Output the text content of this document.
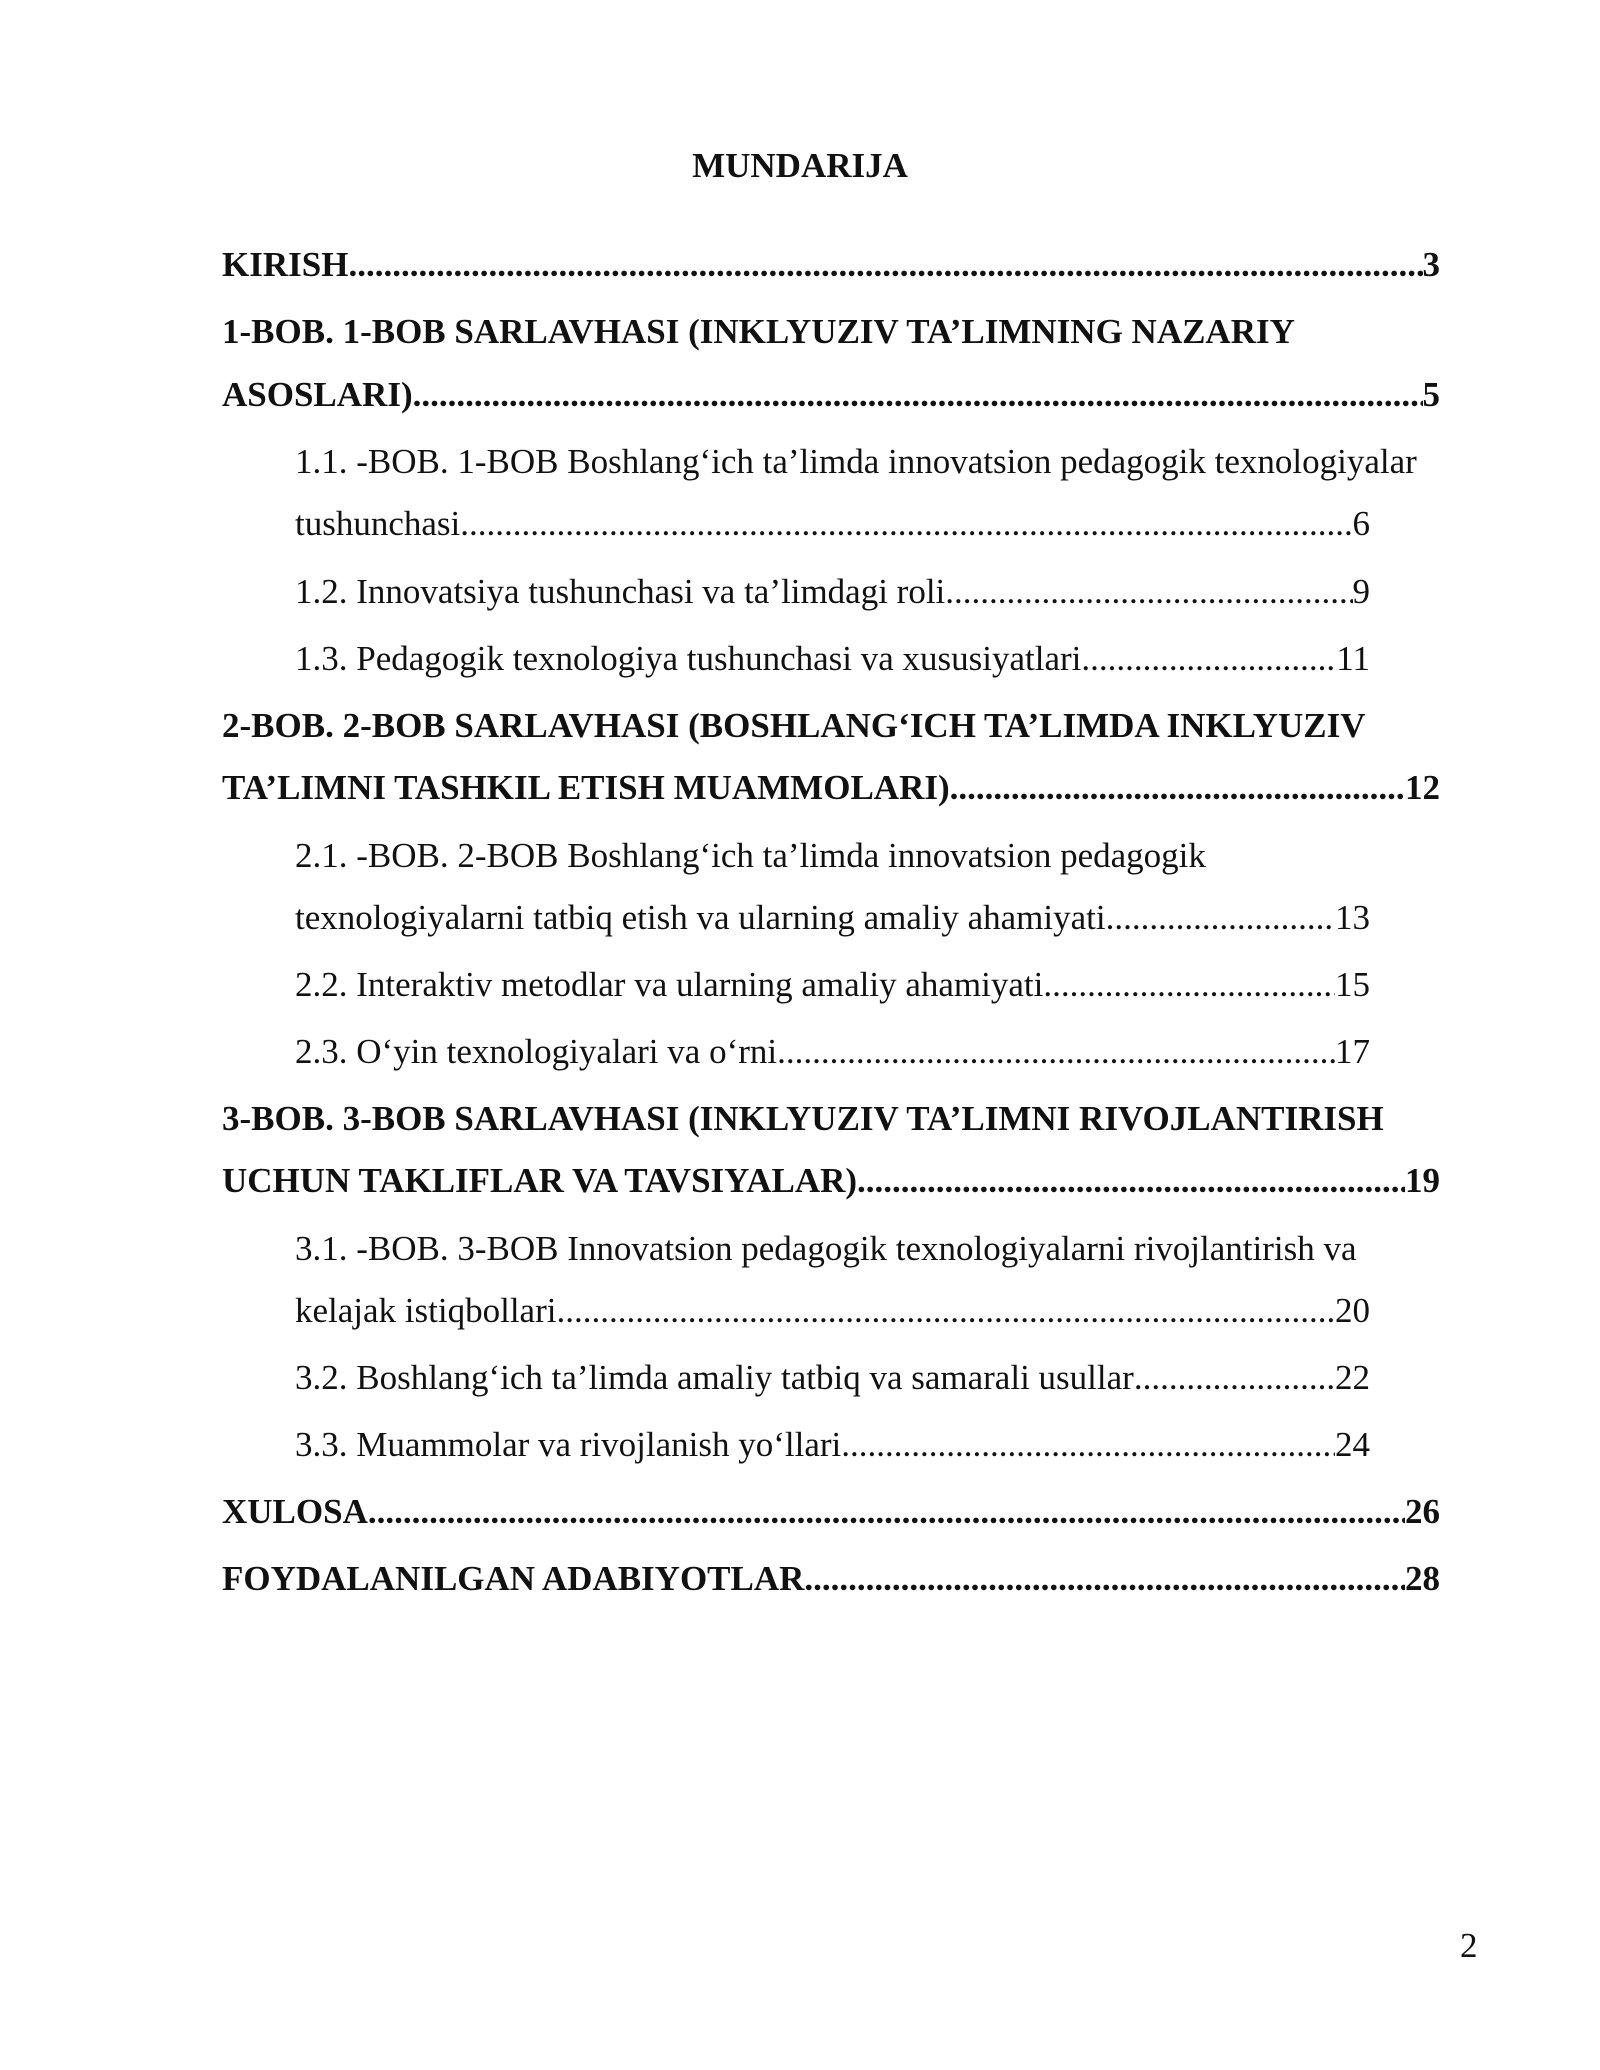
MUNDARIJA
KIRISH .....	3
1-BOB. 1-BOB SARLAVHASI (INKLYUZIV TA’LIMNING NAZARIY
ASOSLARI) .....	5
1.1. -BOB. 1-BOB Boshlang‘ich ta’limda innovatsion pedagogik texnologiyalar
tushunchasi .....	6
1.2. Innovatsiya tushunchasi va ta’limdagi roli .....	9
1.3. Pedagogik texnologiya tushunchasi va xususiyatlari .....	11
2-BOB. 2-BOB SARLAVHASI (BOSHLANG‘ICH TA’LIMDA INKLYUZIV
TA’LIMNI TASHKIL ETISH MUAMMOLARI) .....	12
2.1. -BOB. 2-BOB Boshlang‘ich ta’limda innovatsion pedagogik
texnologiyalarni tatbiq etish va ularning amaliy ahamiyati .....	13
2.2. Interaktiv metodlar va ularning amaliy ahamiyati .....	15
2.3. O‘yin texnologiyalari va o‘rni .....	17
3-BOB. 3-BOB SARLAVHASI (INKLYUZIV TA’LIMNI RIVOJLANTIRISH
UCHUN TAKLIFLAR VA TAVSIYALAR) .....	19
3.1. -BOB. 3-BOB Innovatsion pedagogik texnologiyalarni rivojlantirish va
kelajak istiqbollari .....	20
3.2. Boshlang‘ich ta’limda amaliy tatbiq va samarali usullar .....	22
3.3. Muammolar va rivojlanish yo‘llari .....	24
XULOSA .....	26
FOYDALANILGAN ADABIYOTLAR .....	28
2
